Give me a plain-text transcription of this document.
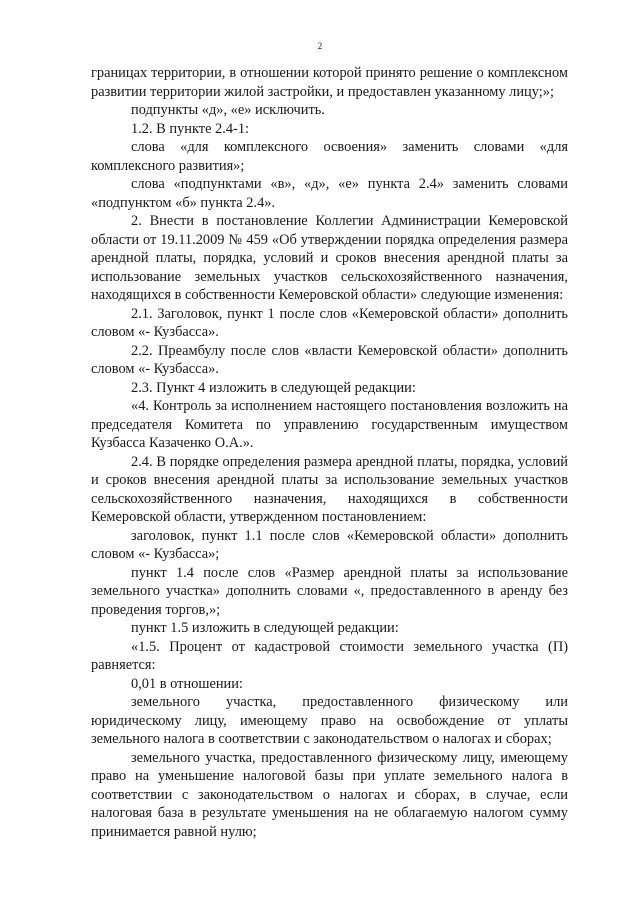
2

границах территории, в отношении которой принято решение о комплексном развитии территории жилой застройки, и предоставлен указанному лицу;»;

подпункты «д», «е» исключить.

1.2. В пункте 2.4-1:

слова «для комплексного освоения» заменить словами «для комплексного развития»;

слова «подпунктами «в», «д», «е» пункта 2.4» заменить словами «подпунктом «б» пункта 2.4».

2. Внести в постановление Коллегии Администрации Кемеровской области от 19.11.2009 № 459 «Об утверждении порядка определения размера арендной платы, порядка, условий и сроков внесения арендной платы за использование земельных участков сельскохозяйственного назначения, находящихся в собственности Кемеровской области» следующие изменения:

2.1. Заголовок, пункт 1 после слов «Кемеровской области» дополнить словом «- Кузбасса».

2.2. Преамбулу после слов «власти Кемеровской области» дополнить словом «- Кузбасса».

2.3. Пункт 4 изложить в следующей редакции:

«4. Контроль за исполнением настоящего постановления возложить на председателя Комитета по управлению государственным имуществом Кузбасса Казаченко О.А.».

2.4. В порядке определения размера арендной платы, порядка, условий и сроков внесения арендной платы за использование земельных участков сельскохозяйственного назначения, находящихся в собственности Кемеровской области, утвержденном постановлением:

заголовок, пункт 1.1 после слов «Кемеровской области» дополнить словом «- Кузбасса»;

пункт 1.4 после слов «Размер арендной платы за использование земельного участка» дополнить словами «, предоставленного в аренду без проведения торгов,»;

пункт 1.5 изложить в следующей редакции:

«1.5. Процент от кадастровой стоимости земельного участка (П) равняется:

0,01 в отношении:

земельного участка, предоставленного физическому или юридическому лицу, имеющему право на освобождение от уплаты земельного налога в соответствии с законодательством о налогах и сборах;

земельного участка, предоставленного физическому лицу, имеющему право на уменьшение налоговой базы при уплате земельного налога в соответствии с законодательством о налогах и сборах, в случае, если налоговая база в результате уменьшения на не облагаемую налогом сумму принимается равной нулю;
